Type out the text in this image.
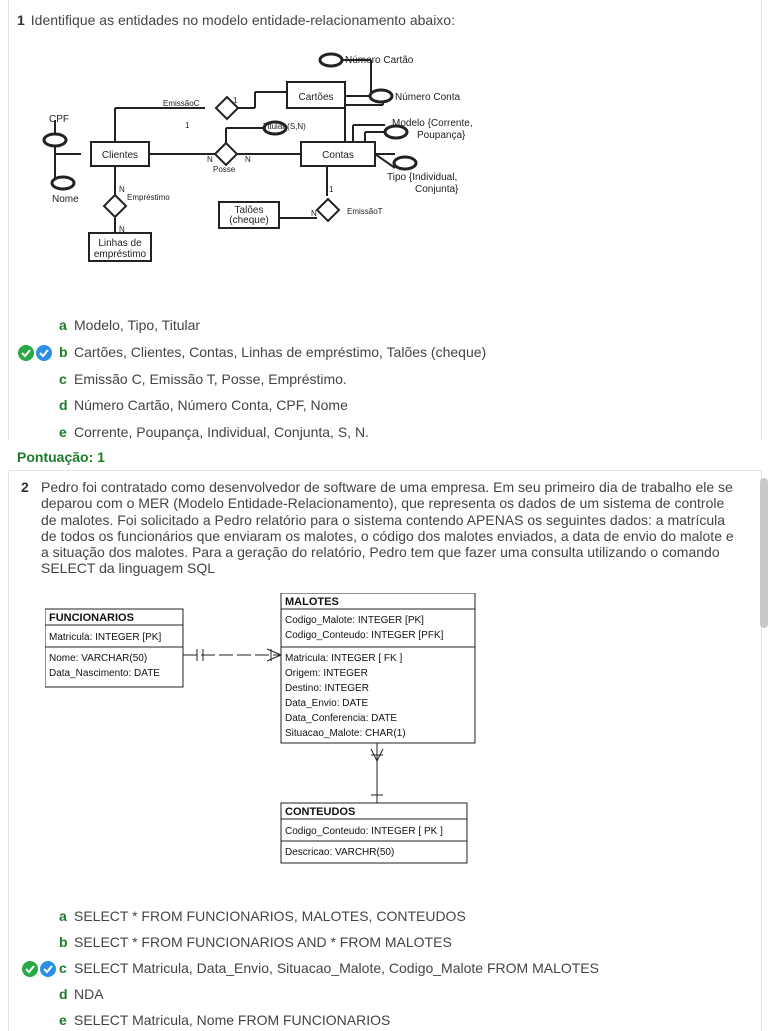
1 Identifique as entidades no modelo entidade-relacionamento abaixo:
Cartões
Clientes	Contas
Linhas de
empréstimo
Talões
(cheque)
EmissãoC
Posse
Empréstimo
EmissãoT
Número Cartão
Número Conta
Modelo {Corrente,
Poupança}
Titular (S,N)
Tipo {Individual,
Conjunta}
CPF
Nome
1
1
N	N
N
N
1
N
a Modelo, Tipo, Titular
b Cartões, Clientes, Contas, Linhas de empréstimo, Talões (cheque)
c Emissão C, Emissão T, Posse, Empréstimo.
d Número Cartão, Número Conta, CPF, Nome
e Corrente, Poupança, Individual, Conjunta, S, N.
Pontuação: 1
2 Pedro foi contratado como desenvolvedor de software de uma empresa. Em seu primeiro dia de trabalho ele se deparou com o MER (Modelo Entidade-Relacionamento), que representa os dados de um sistema de controle de malotes. Foi solicitado a Pedro relatório para o sistema contendo APENAS os seguintes dados: a matrícula de todos os funcionários que enviaram os malotes, o código dos malotes enviados, a data de envio do malote e a situação dos malotes. Para a geração do relatório, Pedro tem que fazer uma consulta utilizando o comando SELECT da linguagem SQL
FUNCIONARIOS
Matricula: INTEGER [PK]
Nome: VARCHAR(50)
Data_Nascimento: DATE
MALOTES
Codigo_Malote: INTEGER [PK]
Codigo_Conteudo: INTEGER [PFK]
Matricula: INTEGER [ FK ]
Origem: INTEGER
Destino: INTEGER
Data_Envio: DATE
Data_Conferencia: DATE
Situacao_Malote: CHAR(1)
CONTEUDOS
Codigo_Conteudo: INTEGER [ PK ]
Descricao: VARCHR(50)
a SELECT * FROM FUNCIONARIOS, MALOTES, CONTEUDOS
b SELECT * FROM FUNCIONARIOS AND * FROM MALOTES
c SELECT Matricula, Data_Envio, Situacao_Malote, Codigo_Malote FROM MALOTES
d NDA
e SELECT Matricula, Nome FROM FUNCIONARIOS
